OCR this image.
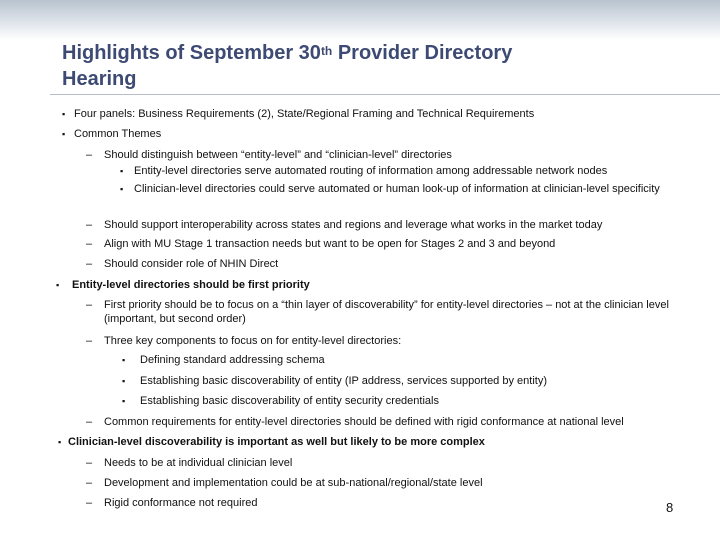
Highlights of September 30th Provider Directory
Hearing
▪ Four panels: Business Requirements (2), State/Regional Framing and Technical Requirements
▪ Common Themes
– Should distinguish between “entity-level” and “clinician-level” directories
▪ Entity-level directories serve automated routing of information among addressable network nodes
▪ Clinician-level directories could serve automated or human look-up of information at clinician-level specificity
– Should support interoperability across states and regions and leverage what works in the market today
– Align with MU Stage 1 transaction needs but want to be open for Stages 2 and 3 and beyond
– Should consider role of NHIN Direct
▪ Entity-level directories should be first priority
– First priority should be to focus on a “thin layer of discoverability” for entity-level directories – not at the clinician level (important, but second order)
– Three key components to focus on for entity-level directories:
▪ Defining standard addressing schema
▪ Establishing basic discoverability of entity (IP address, services supported by entity)
▪ Establishing basic discoverability of entity security credentials
– Common requirements for entity-level directories should be defined with rigid conformance at national level
▪ Clinician-level discoverability is important as well but likely to be more complex
– Needs to be at individual clinician level
– Development and implementation could be at sub-national/regional/state level
– Rigid conformance not required	8
